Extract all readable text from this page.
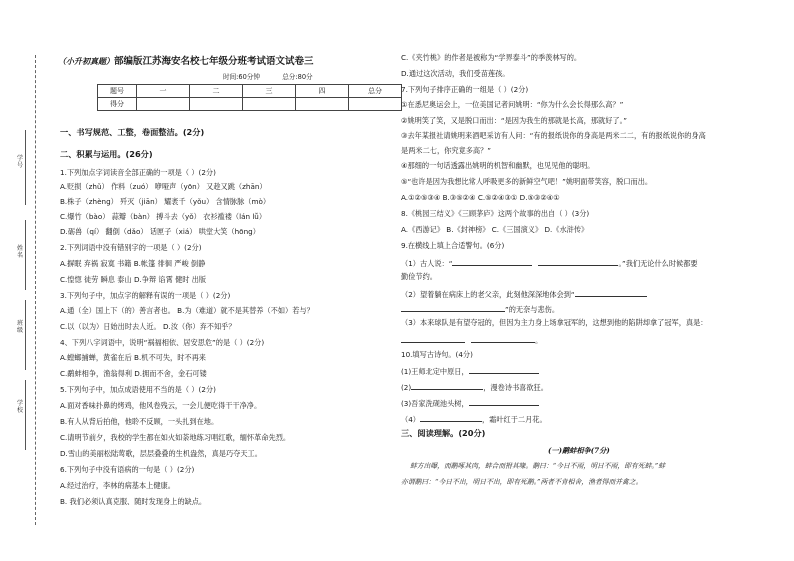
学号
姓名
班级
学校
（小升初真题）部编版江苏海安名校七年级分班考试语文试卷三
时间:60分钟	总分:80分
题号	一	二	三	四	总分
得分					
一、书写规范、工整，卷面整洁。(2分)
二、积累与运用。(26分)
1.下列加点字词读音全部正确的一项是（ ）(2分)
A.贬损（zhǔ） 作料（zuó） 咿哑声（yōn） 又趁又跳（zhān）
B.株子（zhèng） 歼灭（jiān） 耀袤千（yǒu） 含情脉脉（mò）
C.爆竹（bào） 蒜瓣（bàn） 搏斗去（yǒ） 衣衫褴褛（lán lǚ）
D.砺兽（qí） 翻倒（dǎo） 话匣子（xiá） 哄堂大笑（hōng）
2.下列词语中没有错别字的一项是（ ）(2分)
A.摒眠 弃祸 寂寞 书籍 B.帐篷 徘徊 严峻 倒静
C.惶惚 徒劳 瞬息 泰山 D.争辩 谄霄 健时 出版
3.下列句子中，加点字的解释有误的一项是（ ）(2分)
A.通（全）国上下（的）善言者也。 B.为（难道）就不是其替养（不如）若与？
C.以（以为）日始出时去人近。 D.汝（你）弃不知乎？
4、下列八字词语中，说明“祸福相依、居安思危”的是（ ）(2分)
A.螳螂捕蝉，黄雀在后 B.机不可失，时不再来
C.鹬蚌相争，渔翁得利 D.拥而不舍，金石可镂
5.下列句子中，加点成语使用不当的是（ ）(2分)
A.面对香味扑鼻的烤鸡，他风卷残云，一会儿便吃得干干净净。
B.有人从背后拍他，他聆不反顾，一头扎到在地。
C.请明节前夕，我校的学生都在如火如荼地练习唱红歌，缅怀革命先烈。
D.雪山的美丽松陆莺歌，层层叠叠的生机盎然，真是巧夺天工。
6.下列句子中没有语病的一句是（ ）(2分)
A.经过治疗，李林的病基本上健康。
B. 我们必须认真克服、随时发现身上的缺点。
C.《夹竹桃》的作者是被称为“学界泰斗”的季羡林写的。
D.通过这次活动，我们受苗莲孩。
7.下列句子排序正确的一组是（ ）(2分)
①在悉尼奥运会上，一位美国记者问姚明：“你为什么会长得那么高？”
②姚明笑了笑，又是脱口而出：“是因为我生的那就是长高，那就好了。”
③去年某报社请姚明来酒吧采访有人问：“有的报纸说你的身高是两米二二，有的报纸说你的身高
是两米二七，你究竟多高？”
④那细的一句话透露出姚明的机智和幽默，也见见他的聪明。
⑤“也许是因为我想比常人呼吸更多的新鲜空气吧！”姚明面带笑容，脱口而出。
A.①②⑤③④ B.③⑤②④ C.⑤②④③① D.⑤③②④①
8.《桃园三结义》《三顾茅庐》这两个故事的出自（ ）(3分)
A.《西游记》 B.《封神榜》 C.《三国演义》 D.《水浒传》
9.在横线上填上合适警句。(6分)
（1）古人说：“	。”我们无论什么时候都要
勤俭节约。
（2）望着躺在病床上的老父亲，此刻他深深地体会到“
”的无奈与悲伤。
（3）本来球队是有望夺冠的，但因为主力身上场拿冠军的，这想到他的陷阱却拿了冠军，真是：
。
10.填写古诗句。(4分)
(1)王师北定中原日，
(2)	，漫卷诗书喜欲狂。
(3)吾家洗砚池头树，
（4）	，霜叶红于二月花。
三、阅读理解。(20分)
(一)鹬蚌相争(7分)
蚌方出曝，而鹬啄其肉，蚌合而拊其喙。鹬曰：“今日不雨，明日不雨，即有死蚌。”蚌
亦谓鹬曰：“今日不出，明日不出，即有死鹬。”两者不肯相舍，渔者得而并禽之。
